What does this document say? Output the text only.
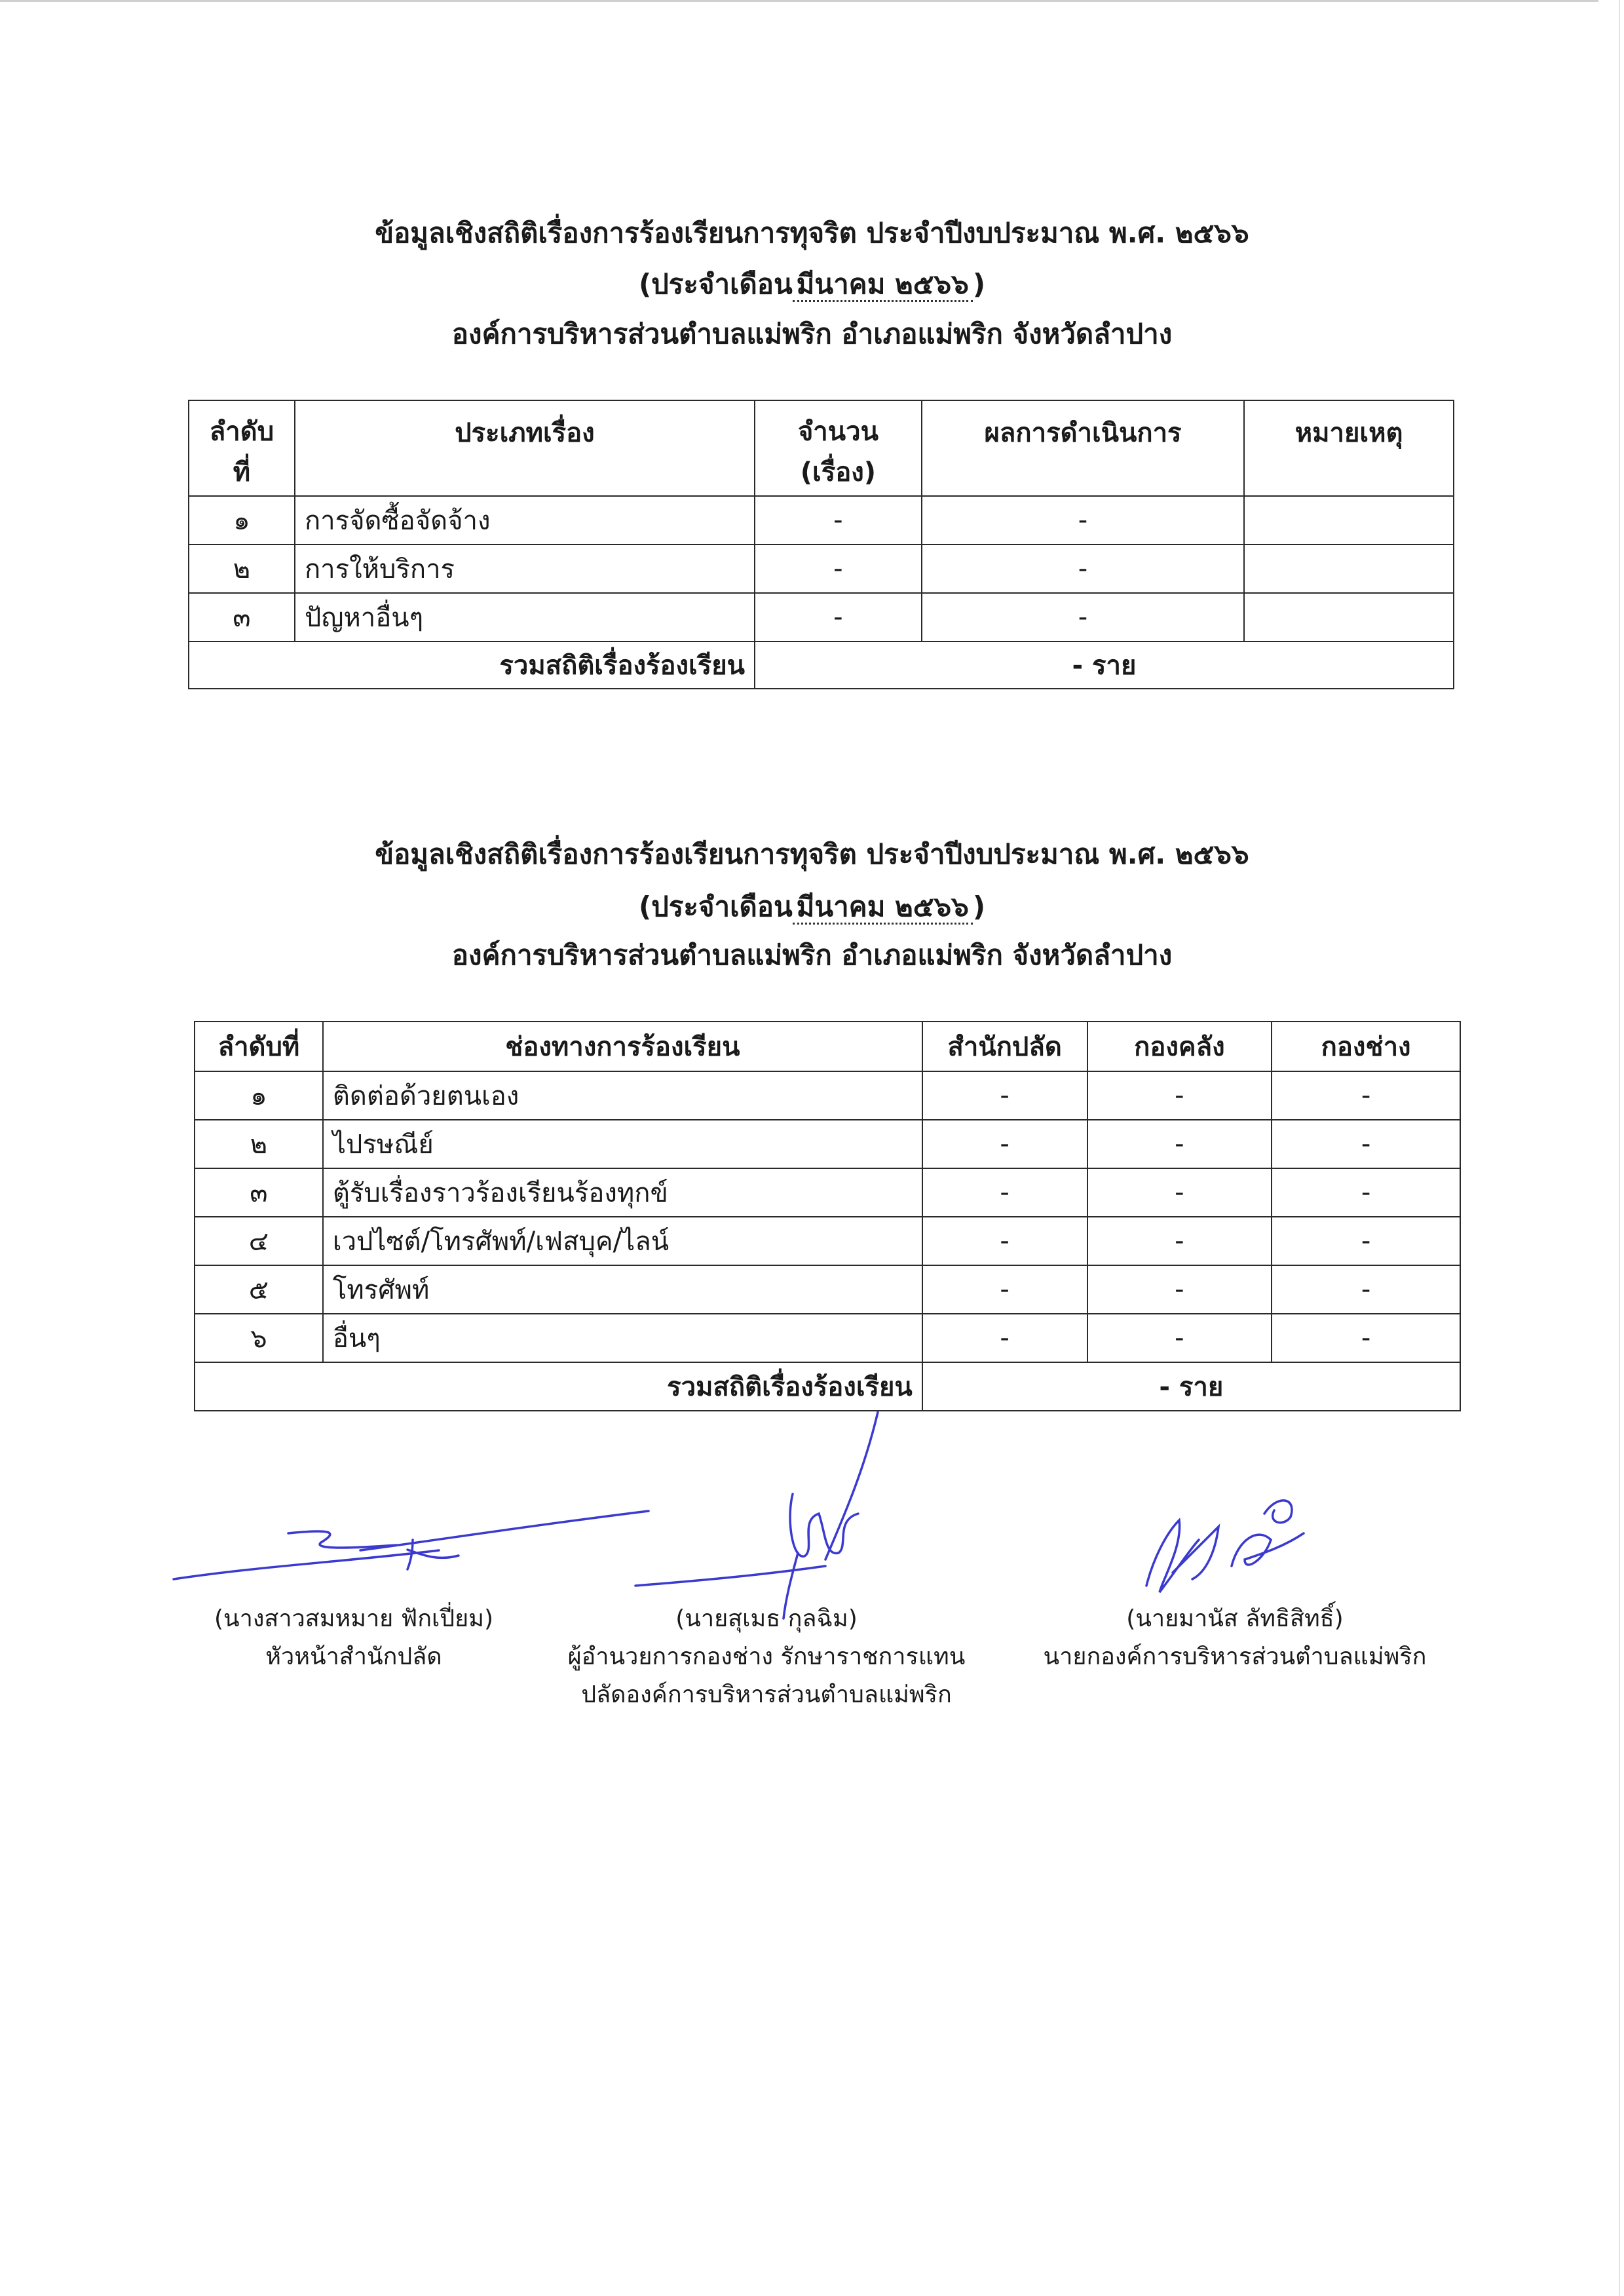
ข้อมูลเชิงสถิติเรื่องการร้องเรียนการทุจริต ประจำปีงบประมาณ พ.ศ. ๒๕๖๖
(ประจำเดือน มีนาคม ๒๕๖๖ )
องค์การบริหารส่วนตำบลแม่พริก อำเภอแม่พริก จังหวัดลำปาง
ลำดับ ที่	ประเภทเรื่อง	จำนวน (เรื่อง)	ผลการดำเนินการ	หมายเหตุ
๑	การจัดซื้อจัดจ้าง	-	-	
๒	การให้บริการ	-	-	
๓	ปัญหาอื่นๆ	-	-	
รวมสถิติเรื่องร้องเรียน		- ราย		
ข้อมูลเชิงสถิติเรื่องการร้องเรียนการทุจริต ประจำปีงบประมาณ พ.ศ. ๒๕๖๖
(ประจำเดือน มีนาคม ๒๕๖๖ )
องค์การบริหารส่วนตำบลแม่พริก อำเภอแม่พริก จังหวัดลำปาง
ลำดับที่	ช่องทางการร้องเรียน	สำนักปลัด	กองคลัง	กองช่าง
๑	ติดต่อด้วยตนเอง	-	-	-
๒	ไปรษณีย์	-	-	-
๓	ตู้รับเรื่องราวร้องเรียนร้องทุกข์	-	-	-
๔	เวปไซต์/โทรศัพท์/เฟสบุค/ไลน์	-	-	-
๕	โทรศัพท์	-	-	-
๖	อื่นๆ	-	-	-
รวมสถิติเรื่องร้องเรียน		- ราย		
(นางสาวสมหมาย ฟักเปี่ยม)
หัวหน้าสำนักปลัด
(นายสุเมธ กุลฉิม)
ผู้อำนวยการกองช่าง รักษาราชการแทน
ปลัดองค์การบริหารส่วนตำบลแม่พริก
(นายมานัส ลัทธิสิทธิ์)
นายกองค์การบริหารส่วนตำบลแม่พริก
